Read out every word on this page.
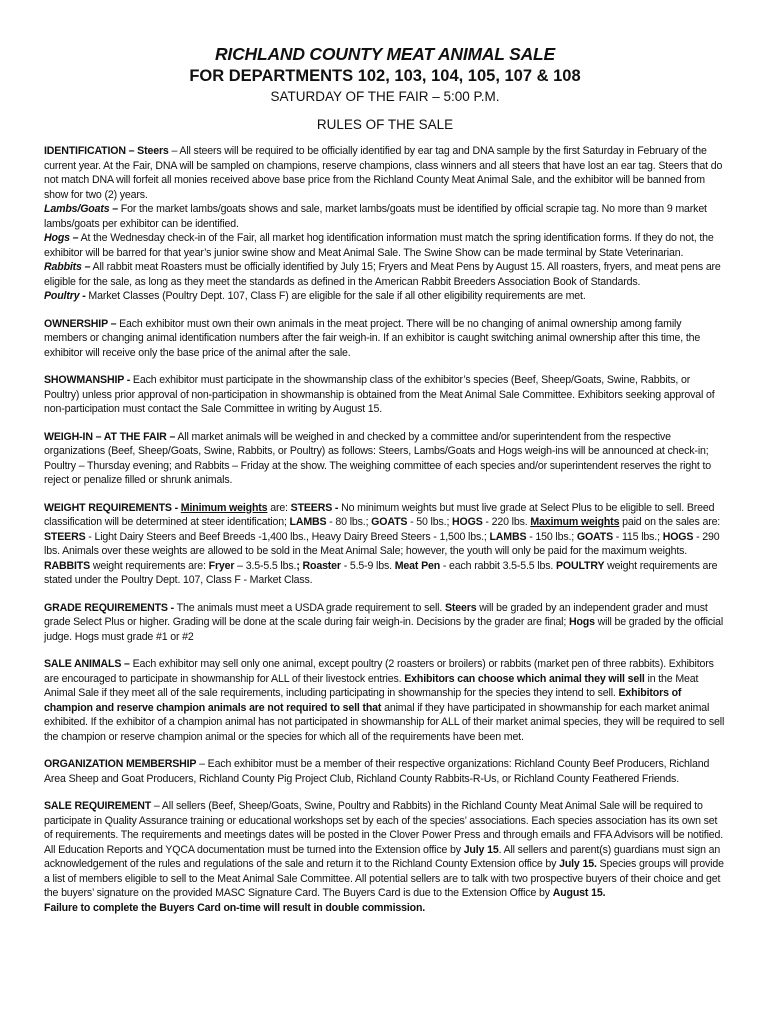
RICHLAND COUNTY MEAT ANIMAL SALE
FOR DEPARTMENTS 102, 103, 104, 105, 107 & 108
SATURDAY OF THE FAIR – 5:00 P.M.
RULES OF THE SALE

IDENTIFICATION – Steers – All steers will be required to be officially identified by ear tag and DNA sample by the first Saturday in February of the current year. At the Fair, DNA will be sampled on champions, reserve champions, class winners and all steers that have lost an ear tag. Steers that do not match DNA will forfeit all monies received above base price from the Richland County Meat Animal Sale, and the exhibitor will be banned from show for two (2) years.
Lambs/Goats – For the market lambs/goats shows and sale, market lambs/goats must be identified by official scrapie tag. No more than 9 market lambs/goats per exhibitor can be identified.
Hogs – At the Wednesday check-in of the Fair, all market hog identification information must match the spring identification forms. If they do not, the exhibitor will be barred for that year’s junior swine show and Meat Animal Sale. The Swine Show can be made terminal by State Veterinarian.
Rabbits – All rabbit meat Roasters must be officially identified by July 15; Fryers and Meat Pens by August 15. All roasters, fryers, and meat pens are eligible for the sale, as long as they meet the standards as defined in the American Rabbit Breeders Association Book of Standards.
Poultry - Market Classes (Poultry Dept. 107, Class F) are eligible for the sale if all other eligibility requirements are met.

OWNERSHIP – Each exhibitor must own their own animals in the meat project. There will be no changing of animal ownership among family members or changing animal identification numbers after the fair weigh-in. If an exhibitor is caught switching animal ownership after this time, the exhibitor will receive only the base price of the animal after the sale.

SHOWMANSHIP - Each exhibitor must participate in the showmanship class of the exhibitor’s species (Beef, Sheep/Goats, Swine, Rabbits, or Poultry) unless prior approval of non-participation in showmanship is obtained from the Meat Animal Sale Committee. Exhibitors seeking approval of non-participation must contact the Sale Committee in writing by August 15.

WEIGH-IN – AT THE FAIR – All market animals will be weighed in and checked by a committee and/or superintendent from the respective organizations (Beef, Sheep/Goats, Swine, Rabbits, or Poultry) as follows: Steers, Lambs/Goats and Hogs weigh-ins will be announced at check-in; Poultry – Thursday evening; and Rabbits – Friday at the show. The weighing committee of each species and/or superintendent reserves the right to reject or penalize filled or shrunk animals.

WEIGHT REQUIREMENTS - Minimum weights are: STEERS - No minimum weights but must live grade at Select Plus to be eligible to sell. Breed classification will be determined at steer identification; LAMBS - 80 lbs.; GOATS - 50 lbs.; HOGS - 220 lbs. Maximum weights paid on the sales are: STEERS - Light Dairy Steers and Beef Breeds -1,400 lbs., Heavy Dairy Breed Steers - 1,500 lbs.; LAMBS - 150 lbs.; GOATS - 115 lbs.; HOGS - 290 lbs. Animals over these weights are allowed to be sold in the Meat Animal Sale; however, the youth will only be paid for the maximum weights. RABBITS weight requirements are: Fryer – 3.5-5.5 lbs.; Roaster - 5.5-9 lbs. Meat Pen - each rabbit 3.5-5.5 lbs. POULTRY weight requirements are stated under the Poultry Dept. 107, Class F - Market Class.

GRADE REQUIREMENTS - The animals must meet a USDA grade requirement to sell. Steers will be graded by an independent grader and must grade Select Plus or higher. Grading will be done at the scale during fair weigh-in. Decisions by the grader are final; Hogs will be graded by the official judge. Hogs must grade #1 or #2

SALE ANIMALS – Each exhibitor may sell only one animal, except poultry (2 roasters or broilers) or rabbits (market pen of three rabbits). Exhibitors are encouraged to participate in showmanship for ALL of their livestock entries. Exhibitors can choose which animal they will sell in the Meat Animal Sale if they meet all of the sale requirements, including participating in showmanship for the species they intend to sell. Exhibitors of champion and reserve champion animals are not required to sell that animal if they have participated in showmanship for each market animal exhibited. If the exhibitor of a champion animal has not participated in showmanship for ALL of their market animal species, they will be required to sell the champion or reserve champion animal or the species for which all of the requirements have been met.

ORGANIZATION MEMBERSHIP – Each exhibitor must be a member of their respective organizations: Richland County Beef Producers, Richland Area Sheep and Goat Producers, Richland County Pig Project Club, Richland County Rabbits-R-Us, or Richland County Feathered Friends.

SALE REQUIREMENT – All sellers (Beef, Sheep/Goats, Swine, Poultry and Rabbits) in the Richland County Meat Animal Sale will be required to participate in Quality Assurance training or educational workshops set by each of the species’ associations. Each species association has its own set of requirements. The requirements and meetings dates will be posted in the Clover Power Press and through emails and FFA Advisors will be notified. All Education Reports and YQCA documentation must be turned into the Extension office by July 15. All sellers and parent(s) guardians must sign an acknowledgement of the rules and regulations of the sale and return it to the Richland County Extension office by July 15. Species groups will provide a list of members eligible to sell to the Meat Animal Sale Committee. All potential sellers are to talk with two prospective buyers of their choice and get the buyers’ signature on the provided MASC Signature Card. The Buyers Card is due to the Extension Office by August 15.
Failure to complete the Buyers Card on-time will result in double commission.
